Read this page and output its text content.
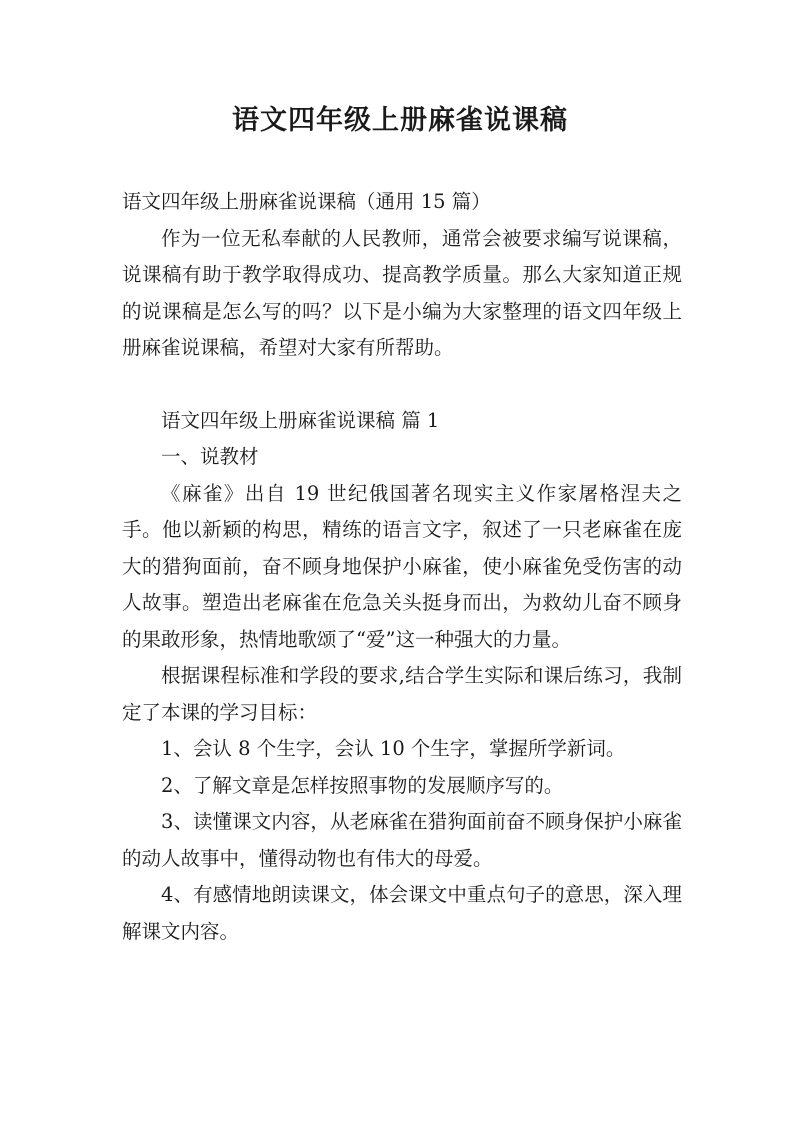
语文四年级上册麻雀说课稿

语文四年级上册麻雀说课稿（通用 15 篇）

作为一位无私奉献的人民教师，通常会被要求编写说课稿，说课稿有助于教学取得成功、提高教学质量。那么大家知道正规的说课稿是怎么写的吗？以下是小编为大家整理的语文四年级上册麻雀说课稿，希望对大家有所帮助。

语文四年级上册麻雀说课稿 篇 1

一、说教材

《麻雀》出自 19 世纪俄国著名现实主义作家屠格涅夫之手。他以新颖的构思，精练的语言文字，叙述了一只老麻雀在庞大的猎狗面前，奋不顾身地保护小麻雀，使小麻雀免受伤害的动人故事。塑造出老麻雀在危急关头挺身而出，为救幼儿奋不顾身的果敢形象，热情地歌颂了“爱”这一种强大的力量。

根据课程标准和学段的要求,结合学生实际和课后练习，我制定了本课的学习目标：

1、会认 8 个生字，会认 10 个生字，掌握所学新词。

2、了解文章是怎样按照事物的发展顺序写的。

3、读懂课文内容，从老麻雀在猎狗面前奋不顾身保护小麻雀的动人故事中，懂得动物也有伟大的母爱。

4、有感情地朗读课文，体会课文中重点句子的意思，深入理解课文内容。
